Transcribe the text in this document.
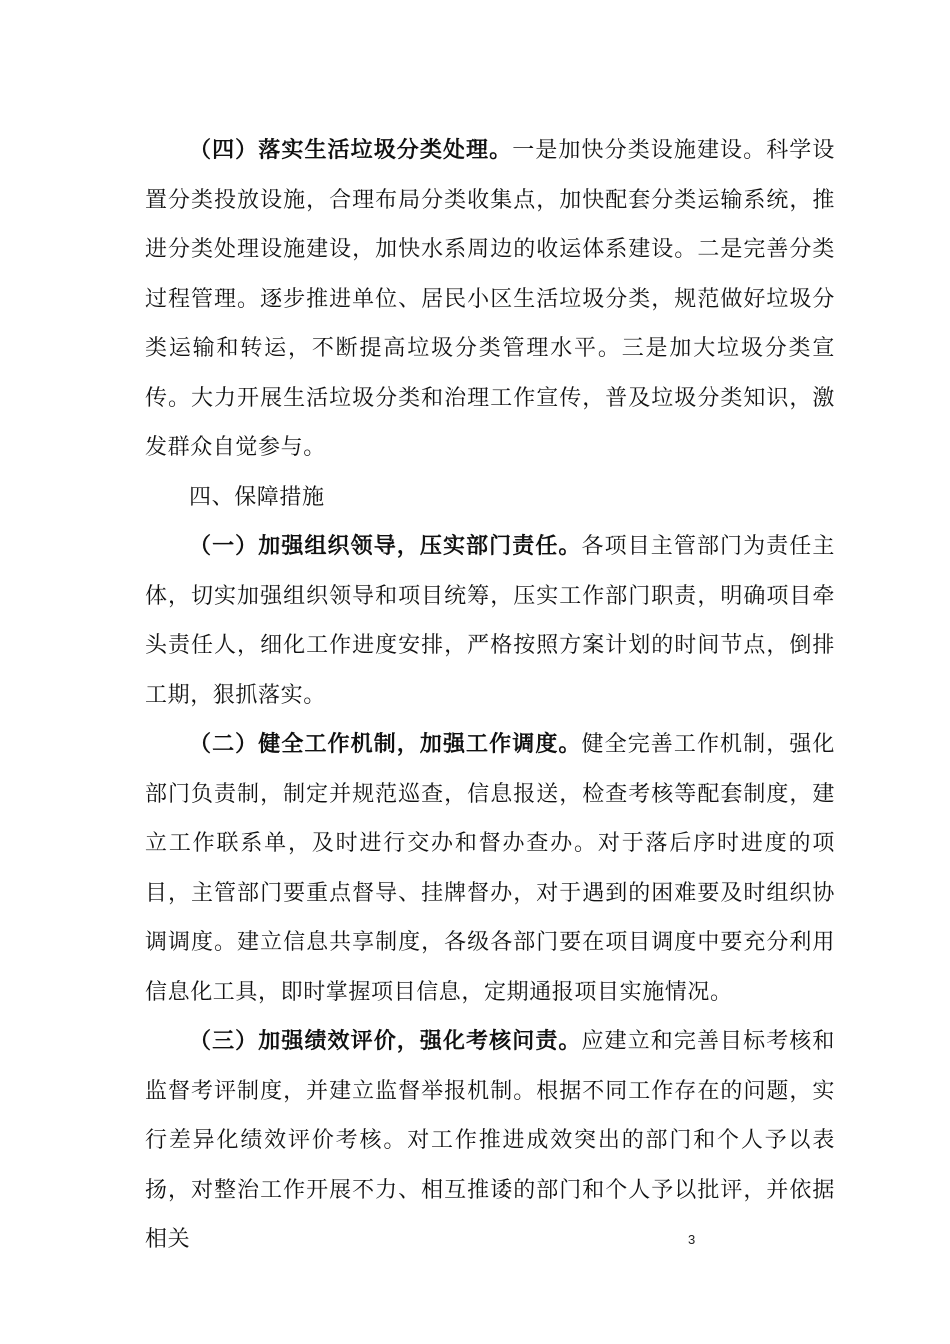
（四）落实生活垃圾分类处理。一是加快分类设施建设。科学设置分类投放设施，合理布局分类收集点，加快配套分类运输系统，推进分类处理设施建设，加快水系周边的收运体系建设。二是完善分类过程管理。逐步推进单位、居民小区生活垃圾分类，规范做好垃圾分类运输和转运，不断提高垃圾分类管理水平。三是加大垃圾分类宣传。大力开展生活垃圾分类和治理工作宣传，普及垃圾分类知识，激发群众自觉参与。

四、保障措施

（一）加强组织领导，压实部门责任。各项目主管部门为责任主体，切实加强组织领导和项目统筹，压实工作部门职责，明确项目牵头责任人，细化工作进度安排，严格按照方案计划的时间节点，倒排工期，狠抓落实。

（二）健全工作机制，加强工作调度。健全完善工作机制，强化部门负责制，制定并规范巡查，信息报送，检查考核等配套制度，建立工作联系单，及时进行交办和督办查办。对于落后序时进度的项目，主管部门要重点督导、挂牌督办，对于遇到的困难要及时组织协调调度。建立信息共享制度，各级各部门要在项目调度中要充分利用信息化工具，即时掌握项目信息，定期通报项目实施情况。

（三）加强绩效评价，强化考核问责。应建立和完善目标考核和监督考评制度，并建立监督举报机制。根据不同工作存在的问题，实行差异化绩效评价考核。对工作推进成效突出的部门和个人予以表扬，对整治工作开展不力、相互推诿的部门和个人予以批评，并依据相关	3
